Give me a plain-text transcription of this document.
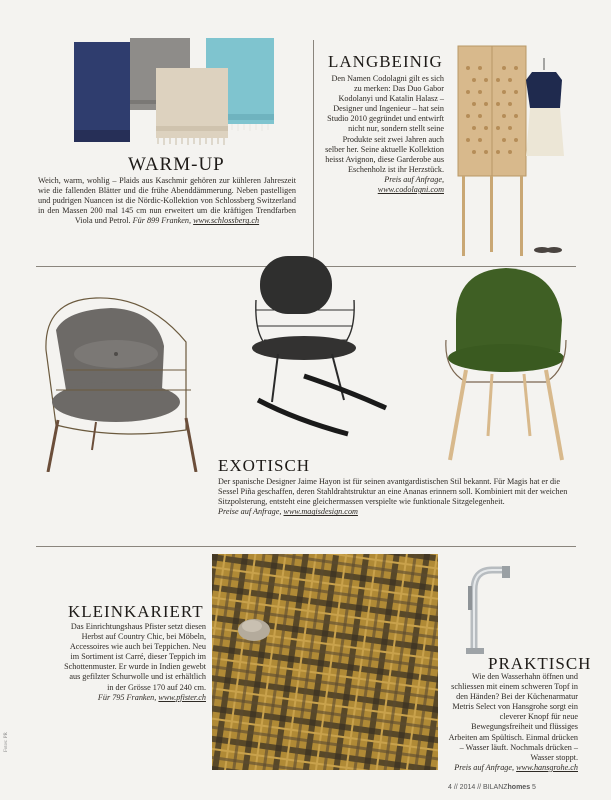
WARM-UP
Weich, warm, wohlig – Plaids aus Kaschmir gehören zur kühleren Jahreszeit wie die fallenden Blätter und die frühe Abenddämmerung. Neben pastelligen und pudrigen Nuancen ist die Nördic-Kollektion von Schlossberg Switzerland in den Massen 200 mal 145 cm nun erweitert um die kräftigen Trendfarben Viola und Petrol. Für 899 Franken, www.schlossberg.ch
LANGBEINIG
Den Namen Codolagni gilt es sich zu merken: Das Duo Gabor Kodolanyi und Katalin Halasz – Designer und Ingenieur – hat sein Studio 2010 gegründet und entwirft nicht nur, sondern stellt seine Produkte seit zwei Jahren auch selber her. Seine aktuelle Kollektion heisst Avignon, diese Garderobe aus Eschenholz ist ihr Herzstück.
Preis auf Anfrage, www.codolagni.com
EXOTISCH
Der spanische Designer Jaime Hayon ist für seinen avantgardistischen Stil bekannt. Für Magis hat er die Sessel Piña geschaffen, deren Stahldrahtstruktur an eine Ananas erinnern soll. Kombiniert mit der weichen Sitzpolsterung, entsteht eine gleichermassen verspielte wie funktionale Sitzgelegenheit.
Preise auf Anfrage, www.magisdesign.com
Fotos: PR
KLEINKARIERT
Das Einrichtungshaus Pfister setzt diesen Herbst auf Country Chic, bei Möbeln, Accessoires wie auch bei Teppichen. Neu im Sortiment ist Carré, dieser Teppich im Schottenmuster. Er wurde in Indien gewebt aus gefilzter Schurwolle und ist erhältlich in der Grösse 170 auf 240 cm.
Für 795 Franken, www.pfister.ch
PRAKTISCH
Wie den Wasserhahn öffnen und schliessen mit einem schweren Topf in den Händen? Bei der Küchenarmatur Metris Select von Hansgrohe sorgt ein cleverer Knopf für neue Bewegungsfreiheit und flüssiges Arbeiten am Spültisch. Einmal drücken – Wasser läuft. Nochmals drücken – Wasser stoppt.
Preis auf Anfrage, www.hansgrohe.ch
4 // 2014 // BILANZhomes 5
